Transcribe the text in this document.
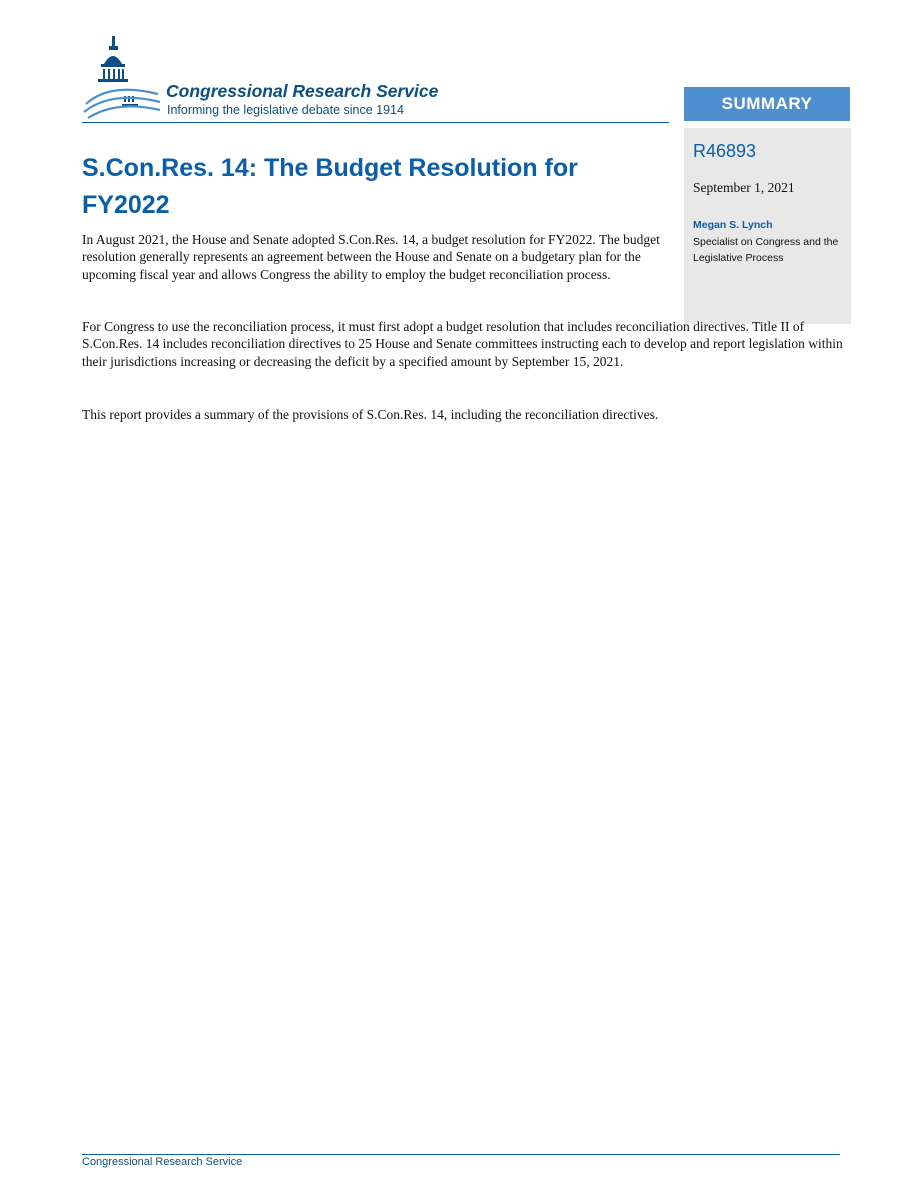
Congressional Research Service
Informing the legislative debate since 1914	SUMMARY
R46893
September 1, 2021
Megan S. Lynch
Specialist on Congress and the Legislative Process
S.Con.Res. 14: The Budget Resolution for FY2022

In August 2021, the House and Senate adopted S.Con.Res. 14, a budget resolution for FY2022. The budget resolution generally represents an agreement between the House and Senate on a budgetary plan for the upcoming fiscal year and allows Congress the ability to employ the budget reconciliation process.

For Congress to use the reconciliation process, it must first adopt a budget resolution that includes reconciliation directives. Title II of S.Con.Res. 14 includes reconciliation directives to 25 House and Senate committees instructing each to develop and report legislation within their jurisdictions increasing or decreasing the deficit by a specified amount by September 15, 2021.

This report provides a summary of the provisions of S.Con.Res. 14, including the reconciliation directives.

Congressional Research Service
